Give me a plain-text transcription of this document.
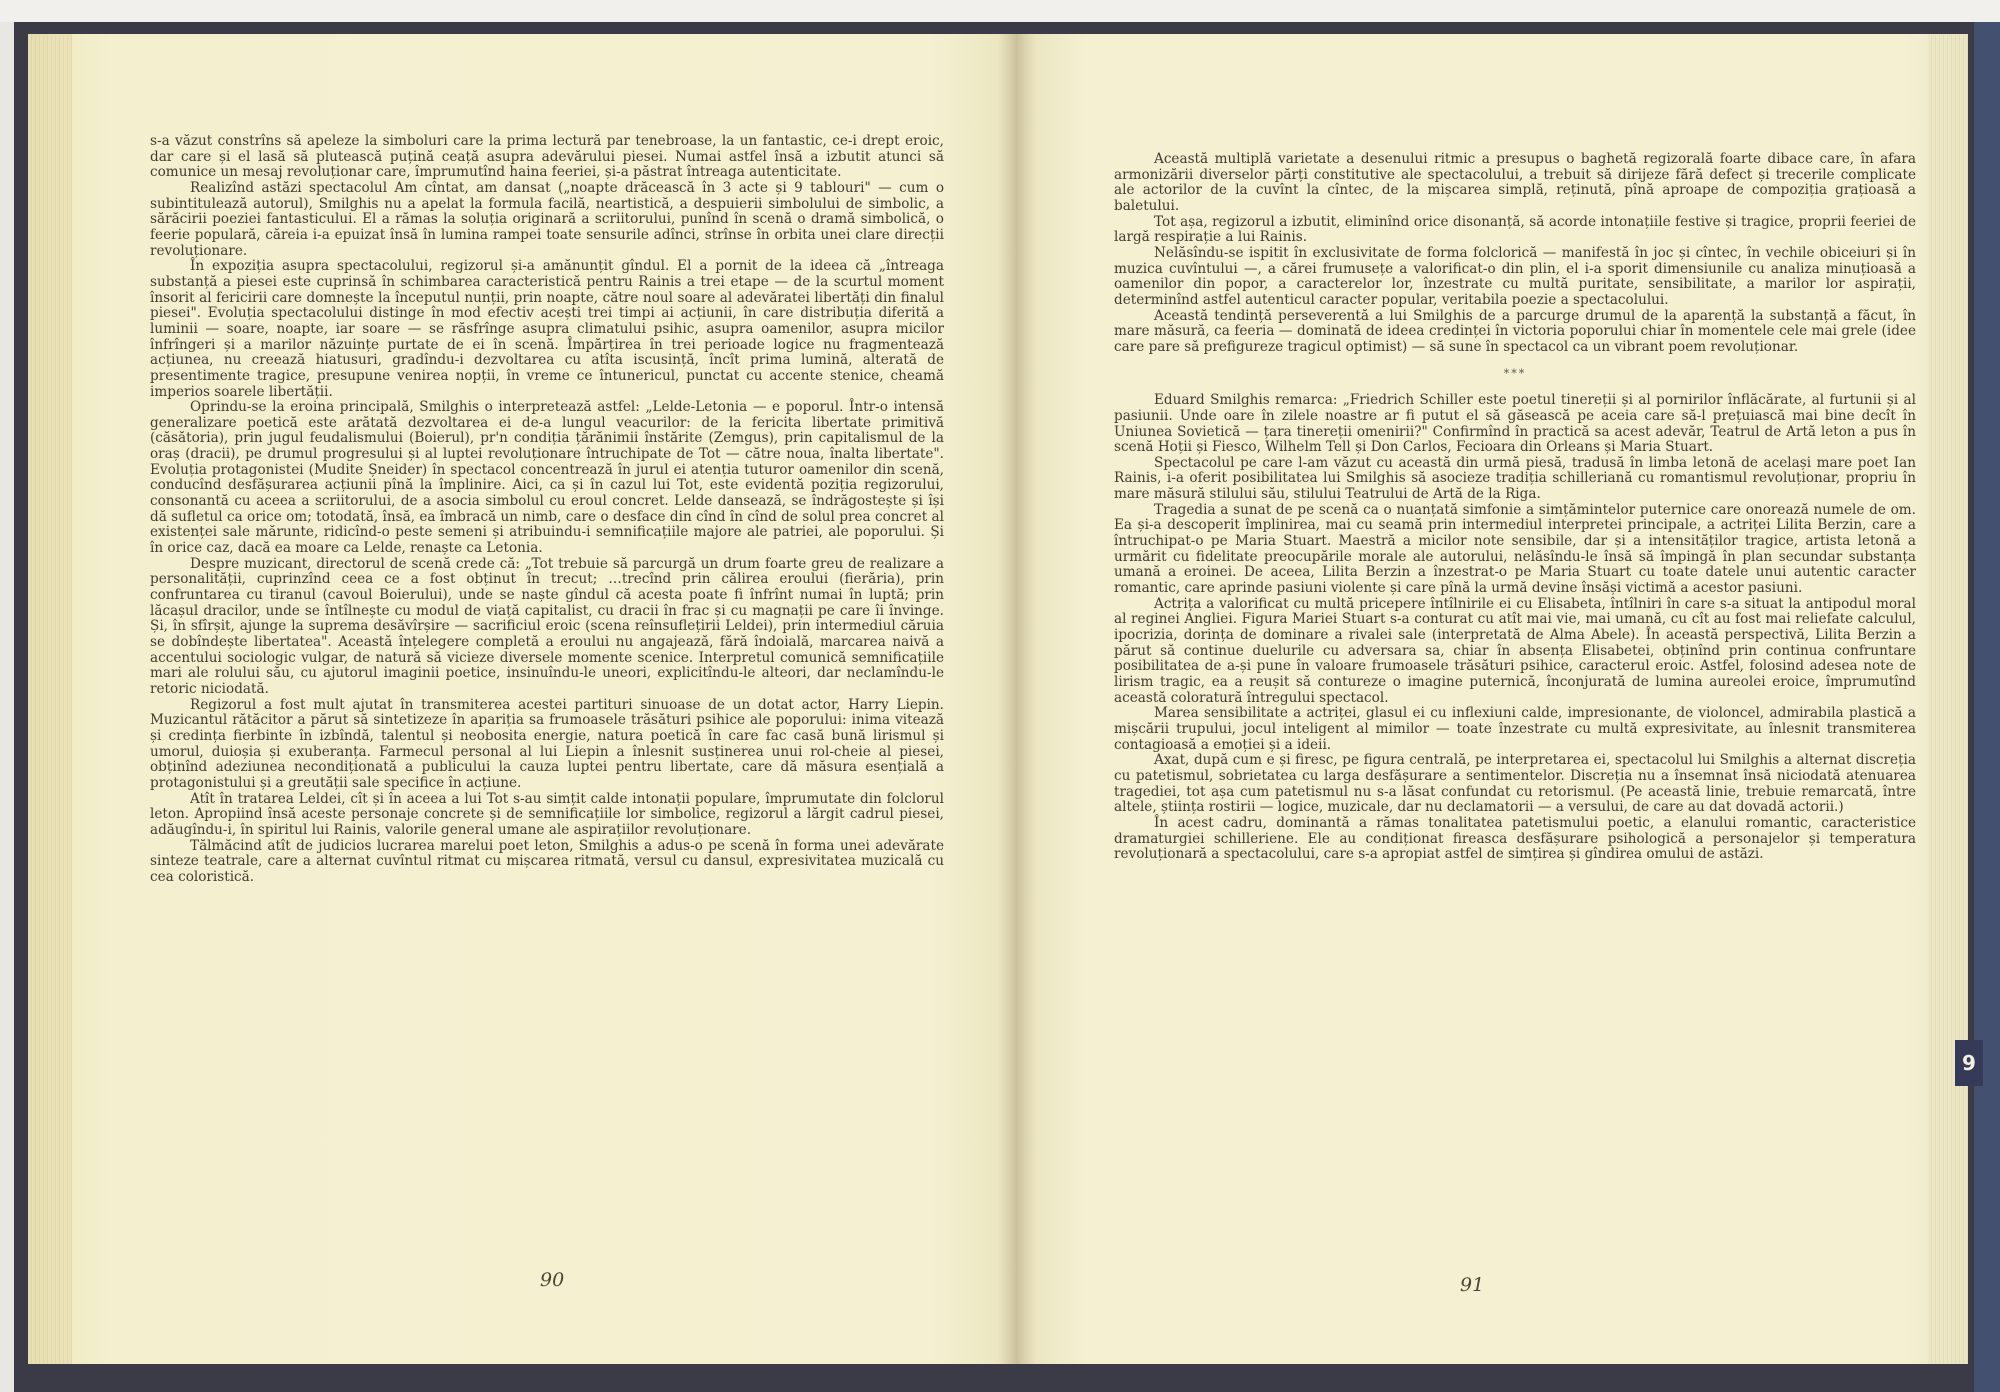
s-a văzut constrîns să apeleze la simboluri care la prima lectură par tenebroase, la un fantastic, ce-i drept eroic, dar care și el lasă să plutească puțină ceață asupra adevărului piesei. Numai astfel însă a izbutit atunci să comunice un mesaj revoluționar care, împrumutînd haina feeriei, și-a păstrat întreaga autenticitate.

Realizînd astăzi spectacolul Am cîntat, am dansat („noapte drăcească în 3 acte și 9 tablouri" — cum o subintitulează autorul), Smilghis nu a apelat la formula facilă, neartistică, a despuierii simbolului de simbolic, a sărăcirii poeziei fantasticului. El a rămas la soluția originară a scriitorului, punînd în scenă o dramă simbolică, o feerie populară, căreia i-a epuizat însă în lumina rampei toate sensurile adînci, strînse în orbita unei clare direcții revoluționare.

În expoziția asupra spectacolului, regizorul și-a amănunțit gîndul. El a pornit de la ideea că „întreaga substanță a piesei este cuprinsă în schimbarea caracteristică pentru Rainis a trei etape — de la scurtul moment însorit al fericirii care domnește la începutul nunții, prin noapte, către noul soare al adevăratei libertăți din finalul piesei". Evoluția spectacolului distinge în mod efectiv acești trei timpi ai acțiunii, în care distribuția diferită a luminii — soare, noapte, iar soare — se răsfrînge asupra climatului psihic, asupra oamenilor, asupra micilor înfrîngeri și a marilor năzuințe purtate de ei în scenă. Împărțirea în trei perioade logice nu fragmentează acțiunea, nu creează hiatusuri, gradîndu-i dezvoltarea cu atîta iscusință, încît prima lumină, alterată de presentimente tragice, presupune venirea nopții, în vreme ce întunericul, punctat cu accente stenice, cheamă imperios soarele libertății.

Oprindu-se la eroina principală, Smilghis o interpretează astfel: „Lelde-Letonia — e poporul. Într-o intensă generalizare poetică este arătată dezvoltarea ei de-a lungul veacurilor: de la fericita libertate primitivă (căsătoria), prin jugul feudalismului (Boierul), pr'n condiția țărănimii înstărite (Zemgus), prin capitalismul de la oraș (dracii), pe drumul progresului și al luptei revoluționare întruchipate de Tot — către noua, înalta libertate". Evoluția protagonistei (Mudite Șneider) în spectacol concentrează în jurul ei atenția tuturor oamenilor din scenă, conducînd desfășurarea acțiunii pînă la împlinire. Aici, ca și în cazul lui Tot, este evidentă poziția regizorului, consonantă cu aceea a scriitorului, de a asocia simbolul cu eroul concret. Lelde dansează, se îndrăgostește și își dă sufletul ca orice om; totodată, însă, ea îmbracă un nimb, care o desface din cînd în cînd de solul prea concret al existenței sale mărunte, ridicînd-o peste semeni și atribuindu-i semnificațiile majore ale patriei, ale poporului. Și în orice caz, dacă ea moare ca Lelde, renaște ca Letonia.

Despre muzicant, directorul de scenă crede că: „Tot trebuie să parcurgă un drum foarte greu de realizare a personalității, cuprinzînd ceea ce a fost obținut în trecut; …trecînd prin călirea eroului (fierăria), prin confruntarea cu tiranul (cavoul Boierului), unde se naște gîndul că acesta poate fi înfrînt numai în luptă; prin lăcașul dracilor, unde se întîlnește cu modul de viață capitalist, cu dracii în frac și cu magnații pe care îi învinge. Și, în sfîrșit, ajunge la suprema desăvîrșire — sacrificiul eroic (scena reînsuflețirii Leldei), prin intermediul căruia se dobîndește libertatea". Această înțelegere completă a eroului nu angajează, fără îndoială, marcarea naivă a accentului sociologic vulgar, de natură să vicieze diversele momente scenice. Interpretul comunică semnificațiile mari ale rolului său, cu ajutorul imaginii poetice, insinuîndu-le uneori, explicitîndu-le alteori, dar neclamîndu-le retoric niciodată.

Regizorul a fost mult ajutat în transmiterea acestei partituri sinuoase de un dotat actor, Harry Liepin. Muzicantul rătăcitor a părut să sintetizeze în apariția sa frumoasele trăsături psihice ale poporului: inima vitează și credința fierbinte în izbîndă, talentul și neobosita energie, natura poetică în care fac casă bună lirismul și umorul, duioșia și exuberanța. Farmecul personal al lui Liepin a înlesnit susținerea unui rol-cheie al piesei, obținînd adeziunea necondiționată a publicului la cauza luptei pentru libertate, care dă măsura esențială a protagonistului și a greutății sale specifice în acțiune.

Atît în tratarea Leldei, cît și în aceea a lui Tot s-au simțit calde intonații populare, împrumutate din folclorul leton. Apropiind însă aceste personaje concrete și de semnificațiile lor simbolice, regizorul a lărgit cadrul piesei, adăugîndu-i, în spiritul lui Rainis, valorile general umane ale aspirațiilor revoluționare.

Tălmăcind atît de judicios lucrarea marelui poet leton, Smilghis a adus-o pe scenă în forma unei adevărate sinteze teatrale, care a alternat cuvîntul ritmat cu mișcarea ritmată, versul cu dansul, expresivitatea muzicală cu cea coloristică.

90

Această multiplă varietate a desenului ritmic a presupus o baghetă regizorală foarte dibace care, în afara armonizării diverselor părți constitutive ale spectacolului, a trebuit să dirijeze fără defect și trecerile complicate ale actorilor de la cuvînt la cîntec, de la mișcarea simplă, reținută, pînă aproape de compoziția grațioasă a baletului.

Tot așa, regizorul a izbutit, eliminînd orice disonanță, să acorde intonațiile festive și tragice, proprii feeriei de largă respirație a lui Rainis.

Nelăsîndu-se ispitit în exclusivitate de forma folclorică — manifestă în joc și cîntec, în vechile obiceiuri și în muzica cuvîntului —, a cărei frumusețe a valorificat-o din plin, el i-a sporit dimensiunile cu analiza minuțioasă a oamenilor din popor, a caracterelor lor, înzestrate cu multă puritate, sensibilitate, a marilor lor aspirații, determinînd astfel autenticul caracter popular, veritabila poezie a spectacolului.

Această tendință perseverentă a lui Smilghis de a parcurge drumul de la aparență la substanță a făcut, în mare măsură, ca feeria — dominată de ideea credinței în victoria poporului chiar în momentele cele mai grele (idee care pare să prefigureze tragicul optimist) — să sune în spectacol ca un vibrant poem revoluționar.

***

Eduard Smilghis remarca: „Friedrich Schiller este poetul tinereții și al pornirilor înflăcărate, al furtunii și al pasiunii. Unde oare în zilele noastre ar fi putut el să găsească pe aceia care să-l prețuiască mai bine decît în Uniunea Sovietică — țara tinereții omenirii?" Confirmînd în practică sa acest adevăr, Teatrul de Artă leton a pus în scenă Hoții și Fiesco, Wilhelm Tell și Don Carlos, Fecioara din Orleans și Maria Stuart.

Spectacolul pe care l-am văzut cu această din urmă piesă, tradusă în limba letonă de același mare poet Ian Rainis, i-a oferit posibilitatea lui Smilghis să asocieze tradiția schilleriană cu romantismul revoluționar, propriu în mare măsură stilului său, stilului Teatrului de Artă de la Riga.

Tragedia a sunat de pe scenă ca o nuanțată simfonie a simțămintelor puternice care onorează numele de om. Ea și-a descoperit împlinirea, mai cu seamă prin intermediul interpretei principale, a actriței Lilita Berzin, care a întruchipat-o pe Maria Stuart. Maestră a micilor note sensibile, dar și a intensităților tragice, artista letonă a urmărit cu fidelitate preocupările morale ale autorului, nelăsîndu-le însă să împingă în plan secundar substanța umană a eroinei. De aceea, Lilita Berzin a înzestrat-o pe Maria Stuart cu toate datele unui autentic caracter romantic, care aprinde pasiuni violente și care pînă la urmă devine însăși victimă a acestor pasiuni.

Actrița a valorificat cu multă pricepere întîlnirile ei cu Elisabeta, întîlniri în care s-a situat la antipodul moral al reginei Angliei. Figura Mariei Stuart s-a conturat cu atît mai vie, mai umană, cu cît au fost mai reliefate calculul, ipocrizia, dorința de dominare a rivalei sale (interpretată de Alma Abele). În această perspectivă, Lilita Berzin a părut să continue duelurile cu adversara sa, chiar în absența Elisabetei, obținînd prin continua confruntare posibilitatea de a-și pune în valoare frumoasele trăsături psihice, caracterul eroic. Astfel, folosind adesea note de lirism tragic, ea a reușit să contureze o imagine puternică, înconjurată de lumina aureolei eroice, împrumutînd această coloratură întregului spectacol.

Marea sensibilitate a actriței, glasul ei cu inflexiuni calde, impresionante, de violoncel, admirabila plastică a mișcării trupului, jocul inteligent al mimilor — toate înzestrate cu multă expresivitate, au înlesnit transmiterea contagioasă a emoției și a ideii.

Axat, după cum e și firesc, pe figura centrală, pe interpretarea ei, spectacolul lui Smilghis a alternat discreția cu patetismul, sobrietatea cu larga desfășurare a sentimentelor. Discreția nu a însemnat însă niciodată atenuarea tragediei, tot așa cum patetismul nu s-a lăsat confundat cu retorismul. (Pe această linie, trebuie remarcată, între altele, știința rostirii — logice, muzicale, dar nu declamatorii — a versului, de care au dat dovadă actorii.)

În acest cadru, dominantă a rămas tonalitatea patetismului poetic, a elanului romantic, caracteristice dramaturgiei schilleriene. Ele au condiționat fireasca desfășurare psihologică a personajelor și temperatura revoluționară a spectacolului, care s-a apropiat astfel de simțirea și gîndirea omului de astăzi.

91
9
